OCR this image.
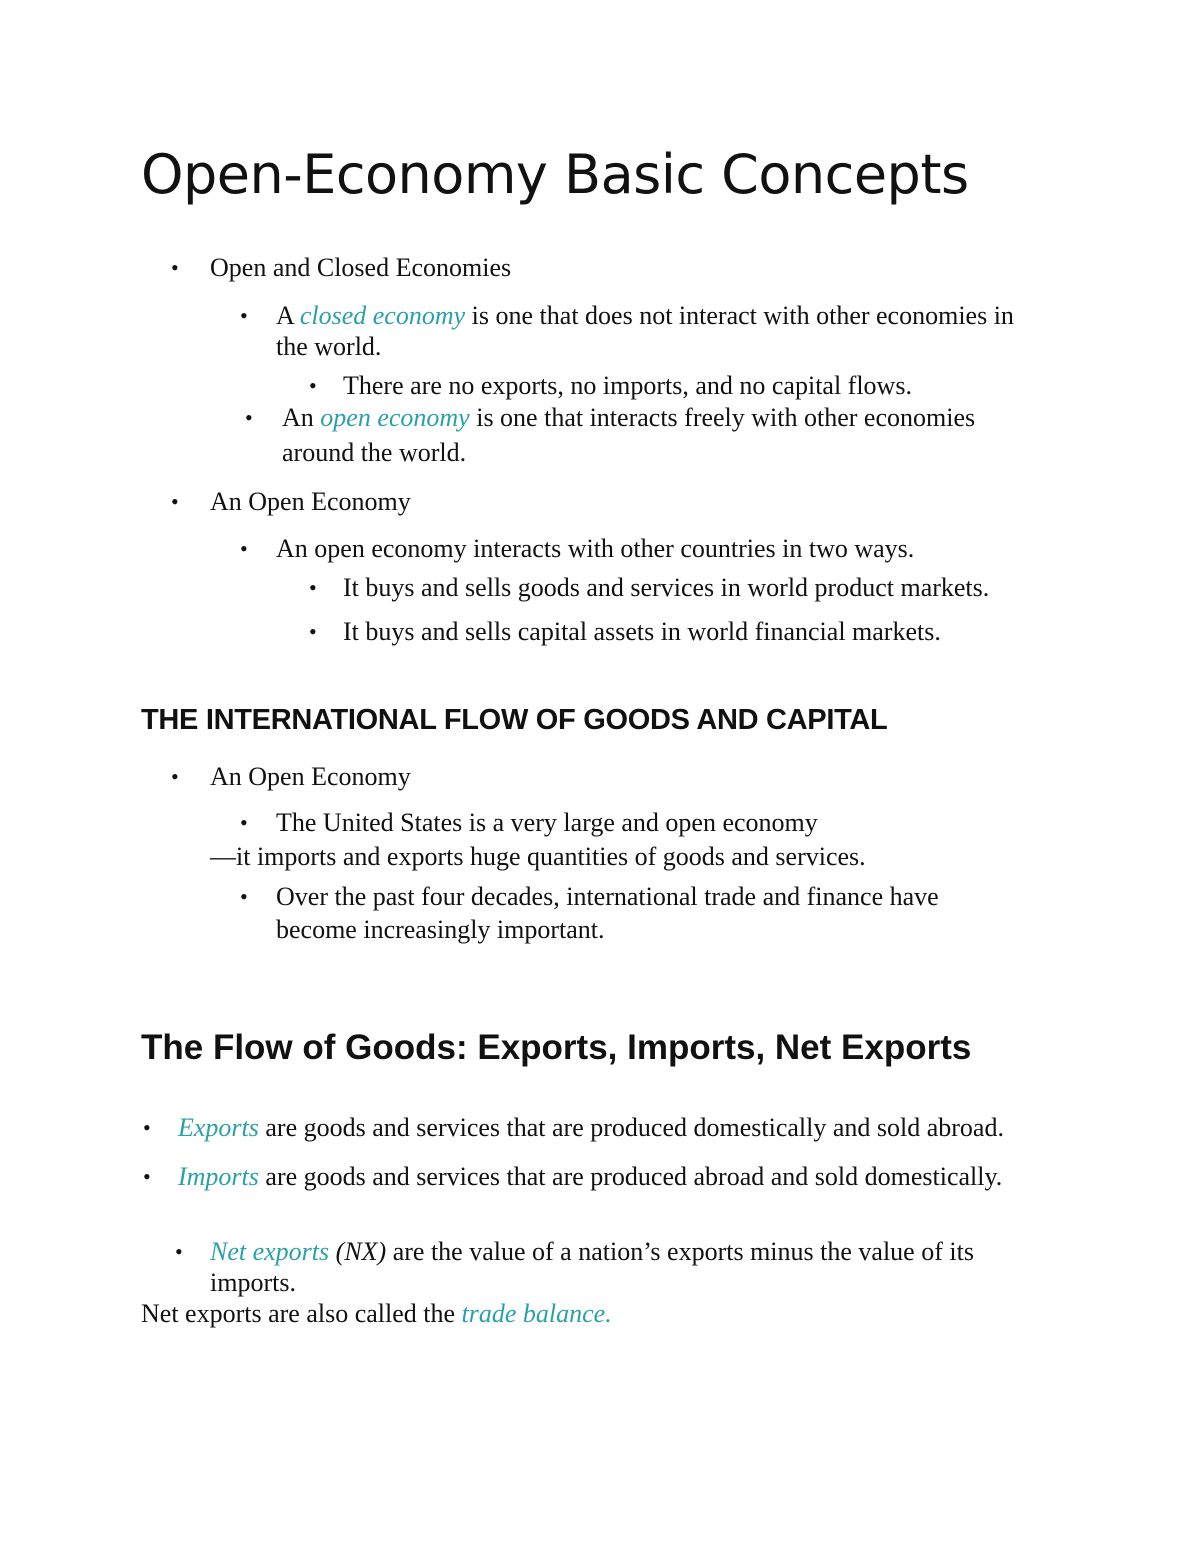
Open-Economy Basic Concepts
• Open and Closed Economies
• A closed economy is one that does not interact with other economies in
the world.
• There are no exports, no imports, and no capital flows.
• An open economy is one that interacts freely with other economies
around the world.
• An Open Economy
• An open economy interacts with other countries in two ways.
• It buys and sells goods and services in world product markets.
• It buys and sells capital assets in world financial markets.
THE INTERNATIONAL FLOW OF GOODS AND CAPITAL
• An Open Economy
• The United States is a very large and open economy
—it imports and exports huge quantities of goods and services.
• Over the past four decades, international trade and finance have
become increasingly important.
The Flow of Goods: Exports, Imports, Net Exports
• Exports are goods and services that are produced domestically and sold abroad.
• Imports are goods and services that are produced abroad and sold domestically.
• Net exports (NX) are the value of a nation’s exports minus the value of its
imports.
Net exports are also called the trade balance.
